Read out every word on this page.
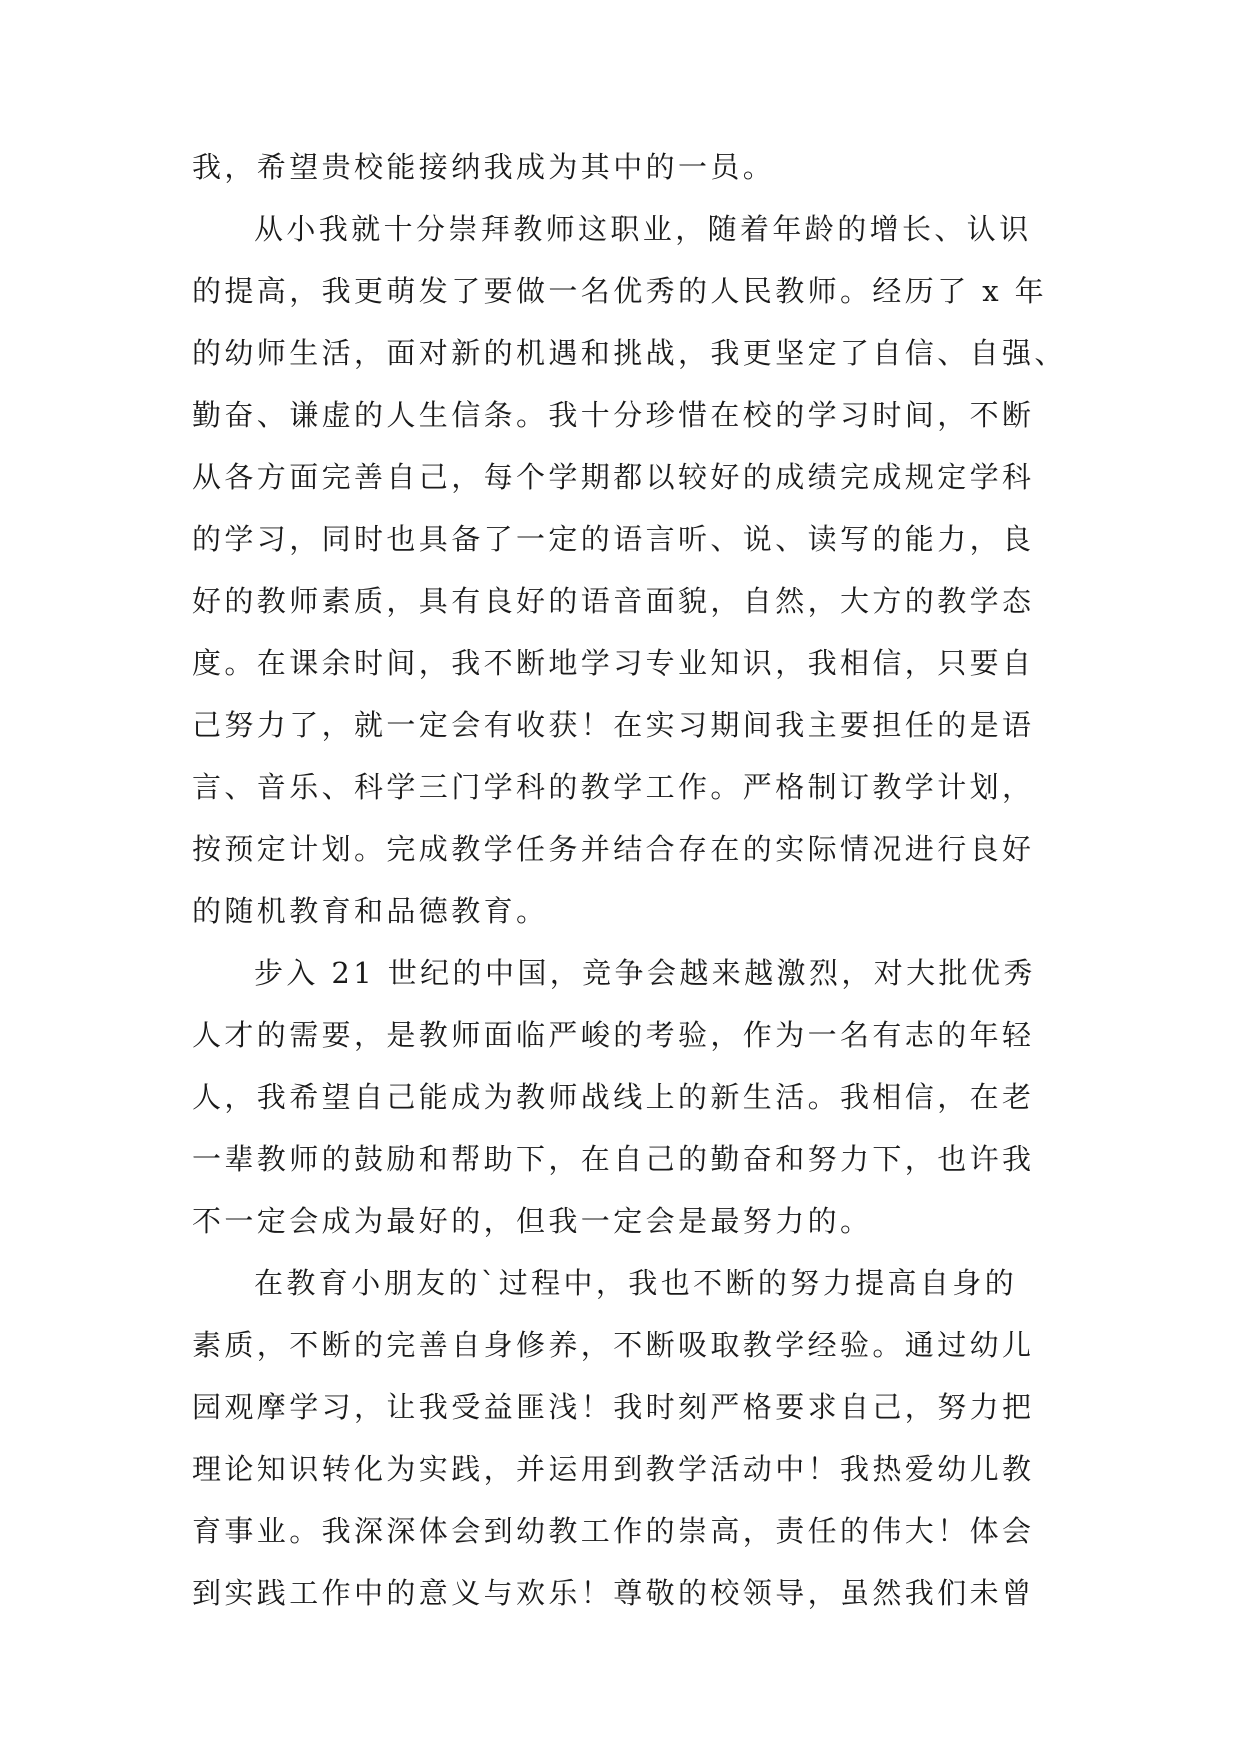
我，希望贵校能接纳我成为其中的一员。
从小我就十分崇拜教师这职业，随着年龄的增长、认识
的提高，我更萌发了要做一名优秀的人民教师。经历了 x 年
的幼师生活，面对新的机遇和挑战，我更坚定了自信、自强、
勤奋、谦虚的人生信条。我十分珍惜在校的学习时间，不断
从各方面完善自己，每个学期都以较好的成绩完成规定学科
的学习，同时也具备了一定的语言听、说、读写的能力，良
好的教师素质，具有良好的语音面貌，自然，大方的教学态
度。在课余时间，我不断地学习专业知识，我相信，只要自
己努力了，就一定会有收获！在实习期间我主要担任的是语
言、音乐、科学三门学科的教学工作。严格制订教学计划，
按预定计划。完成教学任务并结合存在的实际情况进行良好
的随机教育和品德教育。
步入 21 世纪的中国，竞争会越来越激烈，对大批优秀
人才的需要，是教师面临严峻的考验，作为一名有志的年轻
人，我希望自己能成为教师战线上的新生活。我相信，在老
一辈教师的鼓励和帮助下，在自己的勤奋和努力下，也许我
不一定会成为最好的，但我一定会是最努力的。
在教育小朋友的`过程中，我也不断的努力提高自身的
素质，不断的完善自身修养，不断吸取教学经验。通过幼儿
园观摩学习，让我受益匪浅！我时刻严格要求自己，努力把
理论知识转化为实践，并运用到教学活动中！我热爱幼儿教
育事业。我深深体会到幼教工作的崇高，责任的伟大！体会
到实践工作中的意义与欢乐！尊敬的校领导，虽然我们未曾
